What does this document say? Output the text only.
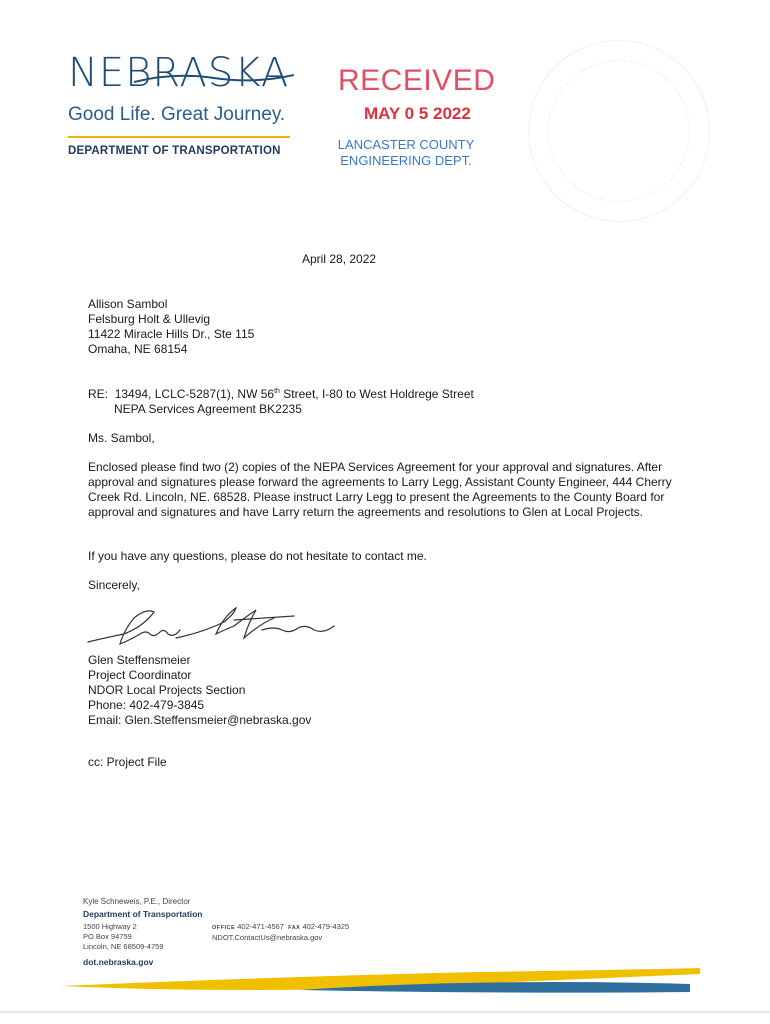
NEBRASKA
Good Life. Great Journey.
DEPARTMENT OF TRANSPORTATION
RECEIVED
MAY 0 5 2022
LANCASTER COUNTY
ENGINEERING DEPT.
April 28, 2022
Allison Sambol
Felsburg Holt & Ullevig
11422 Miracle Hills Dr., Ste 115
Omaha, NE 68154
RE: 13494, LCLC-5287(1), NW 56th Street, I-80 to West Holdrege Street
NEPA Services Agreement BK2235
Ms. Sambol,
Enclosed please find two (2) copies of the NEPA Services Agreement for your approval and signatures. After approval and signatures please forward the agreements to Larry Legg, Assistant County Engineer, 444 Cherry Creek Rd. Lincoln, NE. 68528. Please instruct Larry Legg to present the Agreements to the County Board for approval and signatures and have Larry return the agreements and resolutions to Glen at Local Projects.
If you have any questions, please do not hesitate to contact me.
Sincerely,
Glen Steffensmeier
Project Coordinator
NDOR Local Projects Section
Phone: 402-479-3845
Email: Glen.Steffensmeier@nebraska.gov
cc: Project File
Kyle Schneweis, P.E., Director
Department of Transportation
1500 Highway 2
PO Box 94759
Lincoln, NE 68509-4759
OFFICE 402-471-4567 FAX 402-479-4325
NDOT.ContactUs@nebraska.gov
dot.nebraska.gov
